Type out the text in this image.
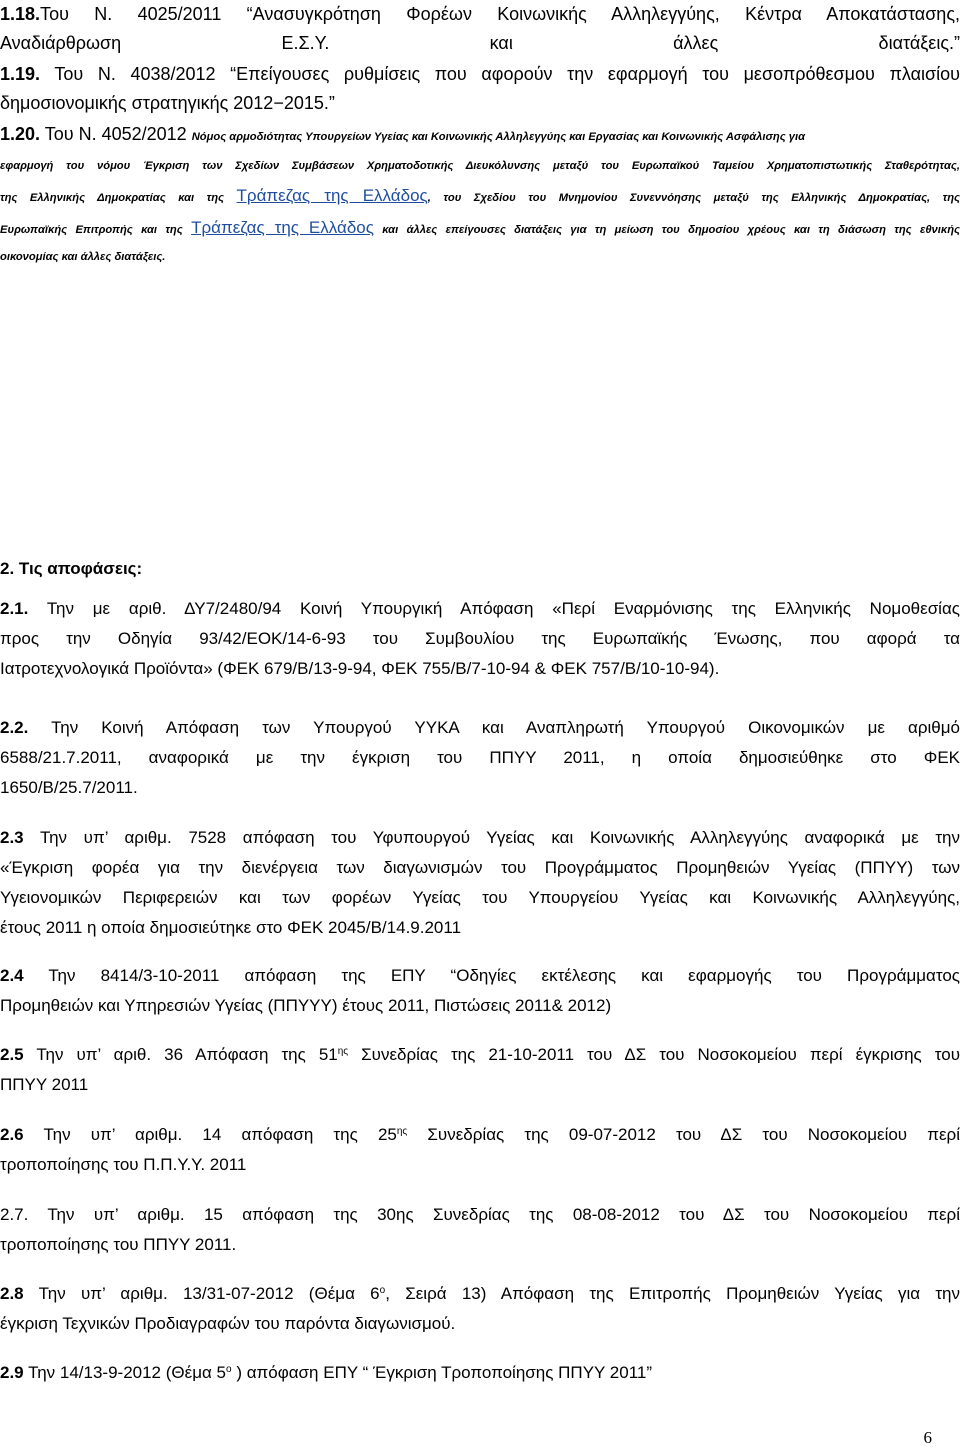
1.18.Του Ν. 4025/2011 “Ανασυγκρότηση Φορέων Κοινωνικής Αλληλεγγύης, Κέντρα Αποκατάστασης,
Αναδιάρθρωση Ε.Σ.Υ. και άλλες διατάξεις.”
1.19. Του Ν. 4038/2012 “Επείγουσες ρυθμίσεις που αφορούν την εφαρμογή του μεσοπρόθεσμου πλαισίου
δημοσιονομικής στρατηγικής 2012−2015.”
1.20. Του Ν. 4052/2012 Νόμος αρμοδιότητας Υπουργείων Υγείας και Κοινωνικής Αλληλεγγύης και Εργασίας και Κοινωνικής Ασφάλισης για
εφαρμογή του νόμου Έγκριση των Σχεδίων Συμβάσεων Χρηματοδοτικής Διευκόλυνσης μεταξύ του Ευρωπαϊκού Ταμείου Χρηματοπιστωτικής Σταθερότητας,
της Ελληνικής Δημοκρατίας και της Τράπεζας της Ελλάδος, του Σχεδίου του Μνημονίου Συνεννόησης μεταξύ της Ελληνικής Δημοκρατίας, της
Ευρωπαϊκής Επιτροπής και της Τράπεζας της Ελλάδος και άλλες επείγουσες διατάξεις για τη μείωση του δημοσίου χρέους και τη διάσωση της εθνικής
οικονομίας και άλλες διατάξεις.
2. Τις αποφάσεις:
2.1. Την με αριθ. ΔΥ7/2480/94 Κοινή Υπουργική Απόφαση «Περί Εναρμόνισης της Ελληνικής Νομοθεσίας
προς την Οδηγία 93/42/ΕΟΚ/14-6-93 του Συμβουλίου της Ευρωπαϊκής Ένωσης, που αφορά τα
Ιατροτεχνολογικά Προϊόντα» (ΦΕΚ 679/Β/13-9-94, ΦΕΚ 755/Β/7-10-94 & ΦΕΚ 757/Β/10-10-94).
2.2. Την Κοινή Απόφαση των Υπουργού ΥΥΚΑ και Αναπληρωτή Υπουργού Οικονομικών με αριθμό
6588/21.7.2011, αναφορικά με την έγκριση του ΠΠΥΥ 2011, η οποία δημοσιεύθηκε στο ΦΕΚ
1650/Β/25.7/2011.
2.3 Την υπ’ αριθμ. 7528 απόφαση του Υφυπουργού Υγείας και Κοινωνικής Αλληλεγγύης αναφορικά με την
«Έγκριση φορέα για την διενέργεια των διαγωνισμών του Προγράμματος Προμηθειών Υγείας (ΠΠΥΥ) των
Υγειονομικών Περιφερειών και των φορέων Υγείας του Υπουργείου Υγείας και Κοινωνικής Αλληλεγγύης,
έτους 2011 η οποία δημοσιεύτηκε στο ΦΕΚ 2045/Β/14.9.2011
2.4 Την 8414/3-10-2011 απόφαση της ΕΠΥ “Οδηγίες εκτέλεσης και εφαρμογής του Προγράμματος
Προμηθειών και Υπηρεσιών Υγείας (ΠΠΥΥΥ) έτους 2011, Πιστώσεις 2011& 2012)
2.5 Την υπ’ αριθ. 36 Απόφαση της $51^{\eta\varsigma}$ Συνεδρίας της 21-10-2011 του ΔΣ του Νοσοκομείου περί έγκρισης του
ΠΠΥΥ 2011
2.6 Την υπ’ αριθμ. 14 απόφαση της $25^{\eta\varsigma}$ Συνεδρίας της 09-07-2012 του ΔΣ του Νοσοκομείου περί
τροποποίησης του Π.Π.Υ.Υ. 2011
2.7. Την υπ’ αριθμ. 15 απόφαση της 30ης Συνεδρίας της 08-08-2012 του ΔΣ του Νοσοκομείου περί
τροποποίησης του ΠΠΥΥ 2011.
2.8 Την υπ’ αριθμ. 13/31-07-2012 (Θέμα $6^o$, Σειρά 13) Απόφαση της Επιτροπής Προμηθειών Υγείας για την
έγκριση Τεχνικών Προδιαγραφών του παρόντα διαγωνισμού.
2.9 Την 14/13-9-2012 (Θέμα $5^o$ ) απόφαση ΕΠΥ “ Έγκριση Τροποποίησης ΠΠΥΥ 2011”
6
